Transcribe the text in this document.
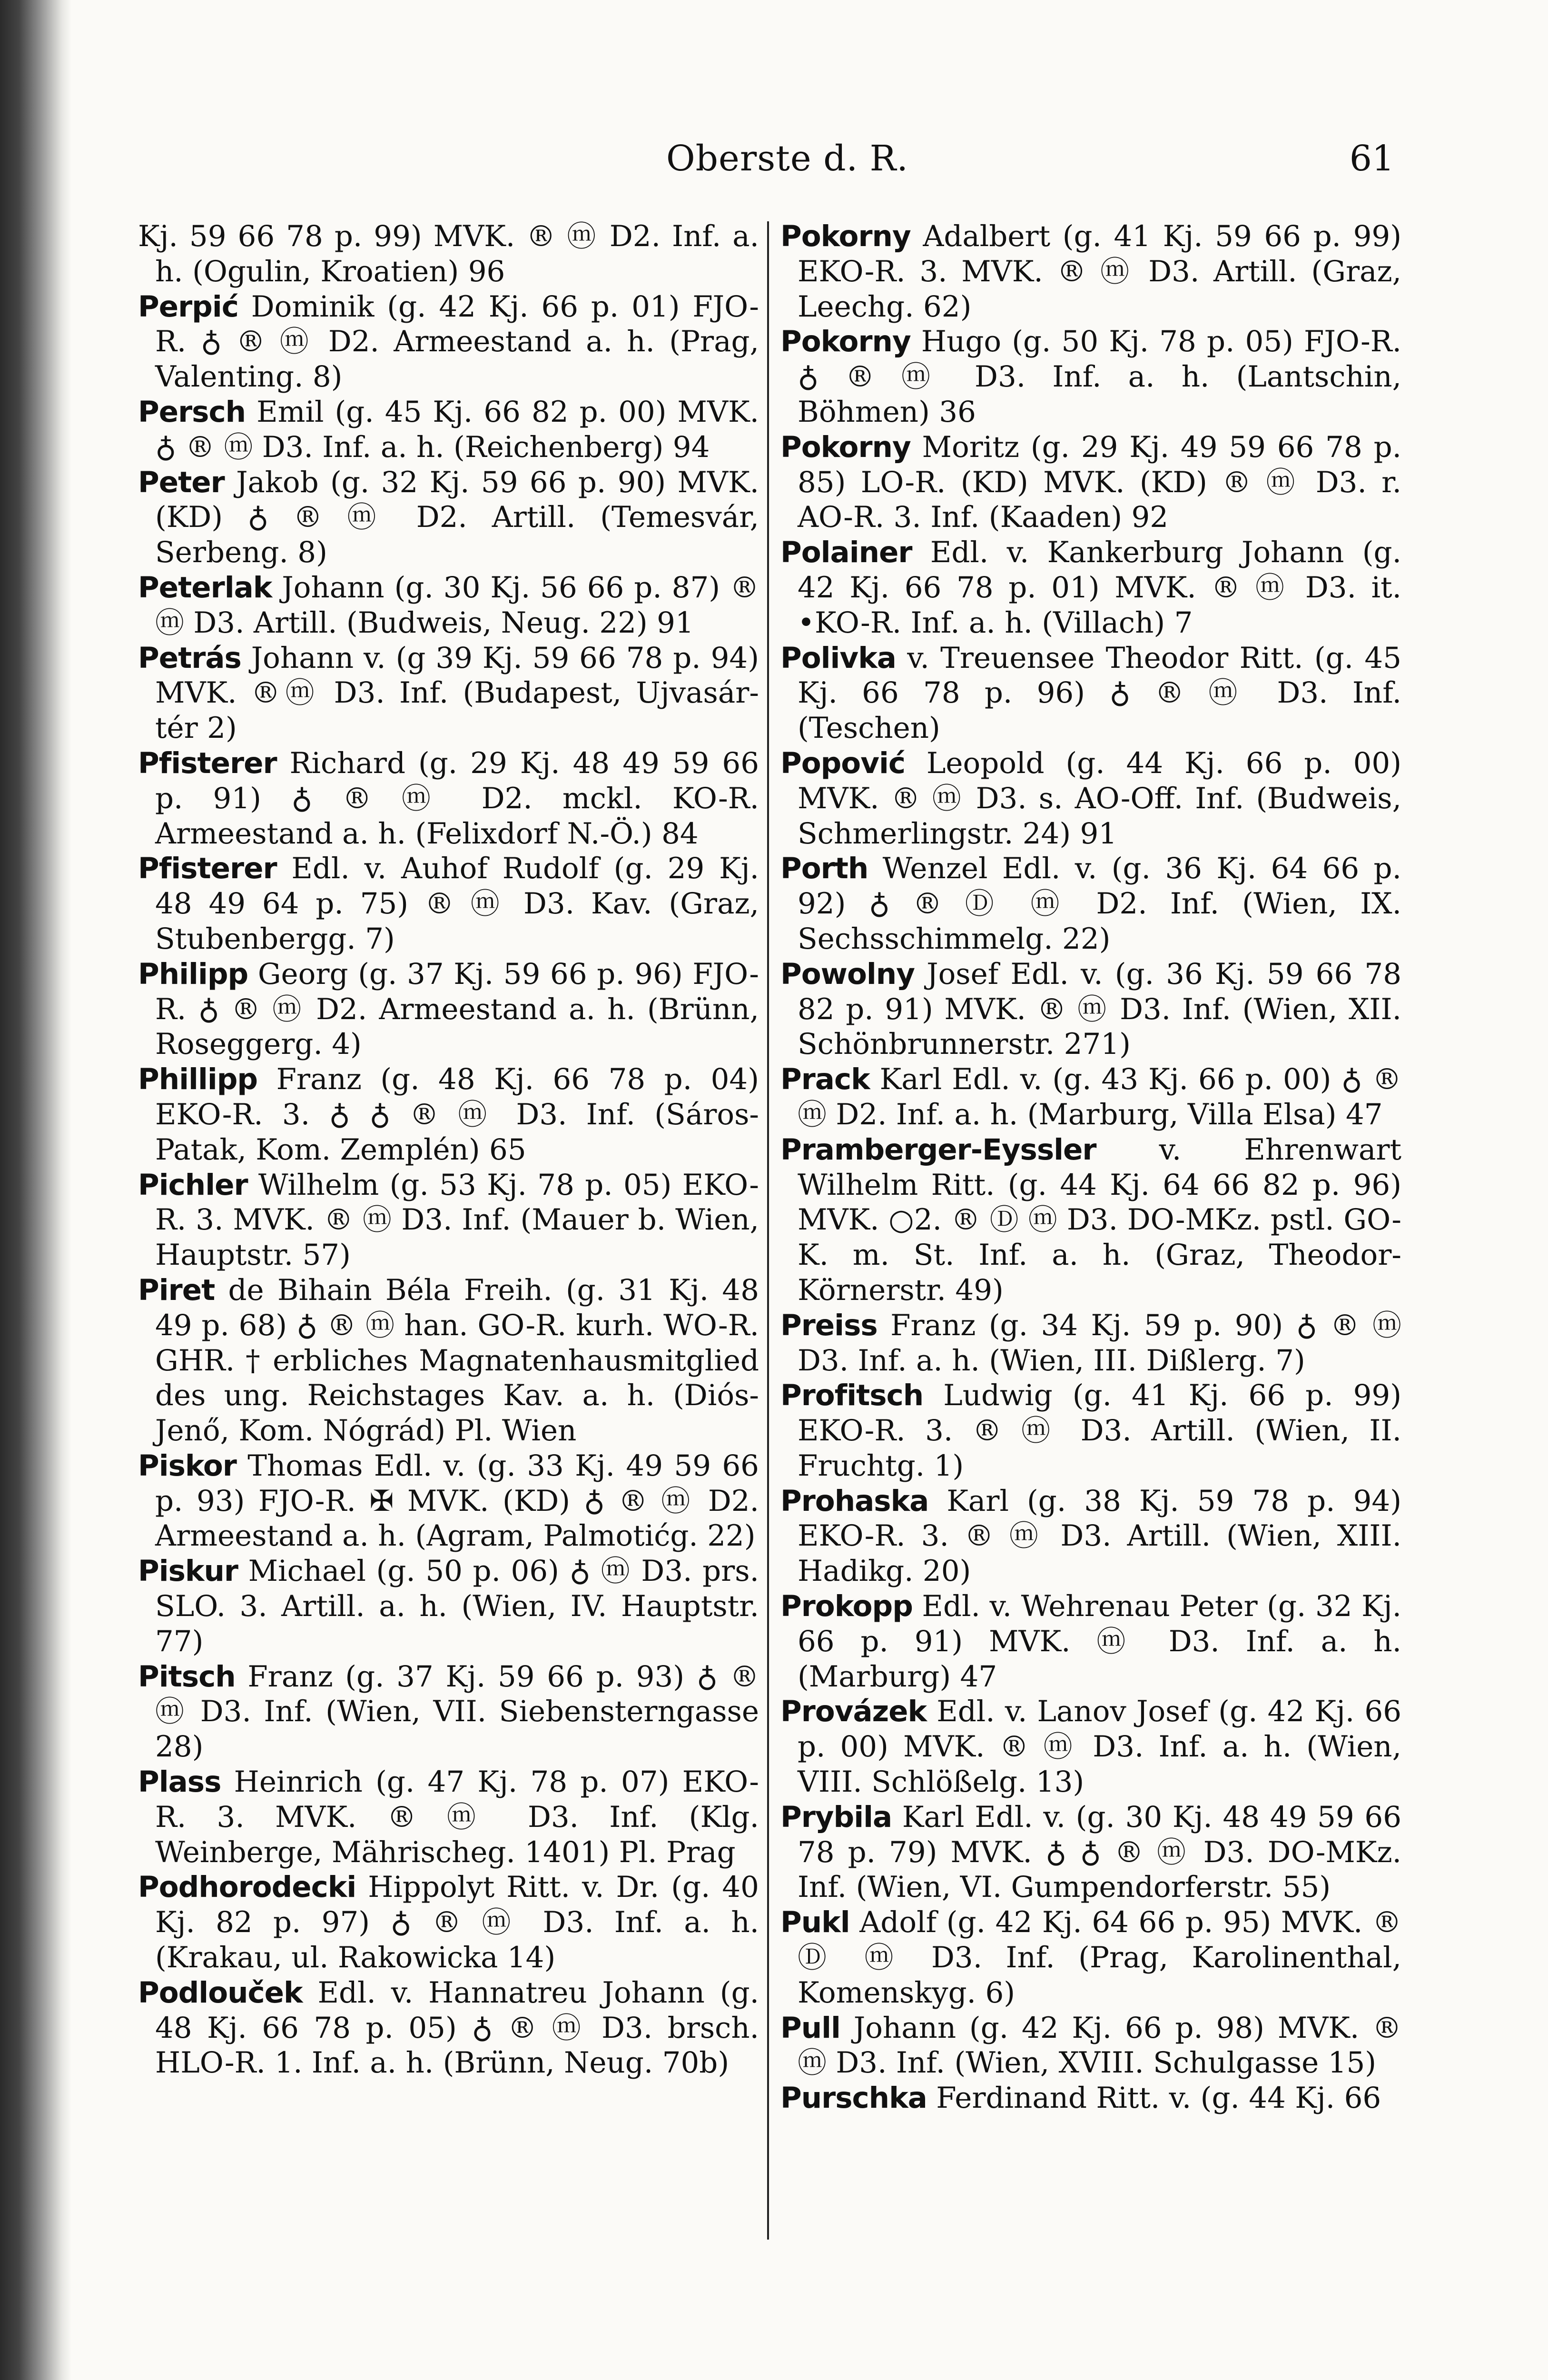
Oberste d. R.	61

Kj. 59 66 78 p. 99) MVK. ® ⓜ D2. Inf. a. h. (Ogulin, Kroatien) 96

Perpić Dominik (g. 42 Kj. 66 p. 01) FJO-R. ♁ ® ⓜ D2. Armeestand a. h. (Prag, Valenting. 8)

Persch Emil (g. 45 Kj. 66 82 p. 00) MVK. ♁ ® ⓜ D3. Inf. a. h. (Reichenberg) 94

Peter Jakob (g. 32 Kj. 59 66 p. 90) MVK. (KD) ♁ ® ⓜ D2. Artill. (Temesvár, Serbeng. 8)

Peterlak Johann (g. 30 Kj. 56 66 p. 87) ® ⓜ D3. Artill. (Budweis, Neug. 22) 91

Petrás Johann v. (g 39 Kj. 59 66 78 p. 94) MVK. ®ⓜ D3. Inf. (Budapest, Ujvasár-tér 2)

Pfisterer Richard (g. 29 Kj. 48 49 59 66 p. 91) ♁ ® ⓜ D2. mckl. KO-R. Armeestand a. h. (Felixdorf N.-Ö.) 84

Pfisterer Edl. v. Auhof Rudolf (g. 29 Kj. 48 49 64 p. 75) ® ⓜ D3. Kav. (Graz, Stubenbergg. 7)

Philipp Georg (g. 37 Kj. 59 66 p. 96) FJO-R. ♁ ® ⓜ D2. Armeestand a. h. (Brünn, Roseggerg. 4)

Phillipp Franz (g. 48 Kj. 66 78 p. 04) EKO-R. 3. ♁ ♁ ® ⓜ D3. Inf. (Sáros-Patak, Kom. Zemplén) 65

Pichler Wilhelm (g. 53 Kj. 78 p. 05) EKO-R. 3. MVK. ® ⓜ D3. Inf. (Mauer b. Wien, Hauptstr. 57)

Piret de Bihain Béla Freih. (g. 31 Kj. 48 49 p. 68) ♁ ® ⓜ han. GO-R. kurh. WO-R. GHR. † erbliches Magnatenhausmitglied des ung. Reichstages Kav. a. h. (Diós-Jenő, Kom. Nógrád) Pl. Wien

Piskor Thomas Edl. v. (g. 33 Kj. 49 59 66 p. 93) FJO-R. ✠ MVK. (KD) ♁ ® ⓜ D2. Armeestand a. h. (Agram, Palmotićg. 22)

Piskur Michael (g. 50 p. 06) ♁ ⓜ D3. prs. SLO. 3. Artill. a. h. (Wien, IV. Hauptstr. 77)

Pitsch Franz (g. 37 Kj. 59 66 p. 93) ♁ ® ⓜ D3. Inf. (Wien, VII. Siebensterngasse 28)

Plass Heinrich (g. 47 Kj. 78 p. 07) EKO-R. 3. MVK. ® ⓜ D3. Inf. (Klg. Weinberge, Mährischeg. 1401) Pl. Prag

Podhorodecki Hippolyt Ritt. v. Dr. (g. 40 Kj. 82 p. 97) ♁ ® ⓜ D3. Inf. a. h. (Krakau, ul. Rakowicka 14)

Podlouček Edl. v. Hannatreu Johann (g. 48 Kj. 66 78 p. 05) ♁ ® ⓜ D3. brsch. HLO-R. 1. Inf. a. h. (Brünn, Neug. 70b)

Pokorny Adalbert (g. 41 Kj. 59 66 p. 99) EKO-R. 3. MVK. ® ⓜ D3. Artill. (Graz, Leechg. 62)

Pokorny Hugo (g. 50 Kj. 78 p. 05) FJO-R. ♁ ® ⓜ D3. Inf. a. h. (Lantschin, Böhmen) 36

Pokorny Moritz (g. 29 Kj. 49 59 66 78 p. 85) LO-R. (KD) MVK. (KD) ® ⓜ D3. r. AO-R. 3. Inf. (Kaaden) 92

Polainer Edl. v. Kankerburg Johann (g. 42 Kj. 66 78 p. 01) MVK. ® ⓜ D3. it. •KO-R. Inf. a. h. (Villach) 7

Polivka v. Treuensee Theodor Ritt. (g. 45 Kj. 66 78 p. 96) ♁ ® ⓜ D3. Inf. (Teschen)

Popović Leopold (g. 44 Kj. 66 p. 00) MVK. ® ⓜ D3. s. AO-Off. Inf. (Budweis, Schmerlingstr. 24) 91

Porth Wenzel Edl. v. (g. 36 Kj. 64 66 p. 92) ♁ ® Ⓓ ⓜ D2. Inf. (Wien, IX. Sechsschimmelg. 22)

Powolny Josef Edl. v. (g. 36 Kj. 59 66 78 82 p. 91) MVK. ® ⓜ D3. Inf. (Wien, XII. Schönbrunnerstr. 271)

Prack Karl Edl. v. (g. 43 Kj. 66 p. 00) ♁ ® ⓜ D2. Inf. a. h. (Marburg, Villa Elsa) 47

Pramberger-Eyssler v. Ehrenwart Wilhelm Ritt. (g. 44 Kj. 64 66 82 p. 96) MVK. ○2. ® Ⓓ ⓜ D3. DO-MKz. pstl. GO-K. m. St. Inf. a. h. (Graz, Theodor-Körnerstr. 49)

Preiss Franz (g. 34 Kj. 59 p. 90) ♁ ® ⓜ D3. Inf. a. h. (Wien, III. Dißlerg. 7)

Profitsch Ludwig (g. 41 Kj. 66 p. 99) EKO-R. 3. ® ⓜ D3. Artill. (Wien, II. Fruchtg. 1)

Prohaska Karl (g. 38 Kj. 59 78 p. 94) EKO-R. 3. ® ⓜ D3. Artill. (Wien, XIII. Hadikg. 20)

Prokopp Edl. v. Wehrenau Peter (g. 32 Kj. 66 p. 91) MVK. ⓜ D3. Inf. a. h. (Marburg) 47

Provázek Edl. v. Lanov Josef (g. 42 Kj. 66 p. 00) MVK. ® ⓜ D3. Inf. a. h. (Wien, VIII. Schlößelg. 13)

Prybila Karl Edl. v. (g. 30 Kj. 48 49 59 66 78 p. 79) MVK. ♁ ♁ ® ⓜ D3. DO-MKz. Inf. (Wien, VI. Gumpendorferstr. 55)

Pukl Adolf (g. 42 Kj. 64 66 p. 95) MVK. ® Ⓓ ⓜ D3. Inf. (Prag, Karolinenthal, Komenskyg. 6)

Pull Johann (g. 42 Kj. 66 p. 98) MVK. ® ⓜ D3. Inf. (Wien, XVIII. Schulgasse 15)

Purschka Ferdinand Ritt. v. (g. 44 Kj. 66
